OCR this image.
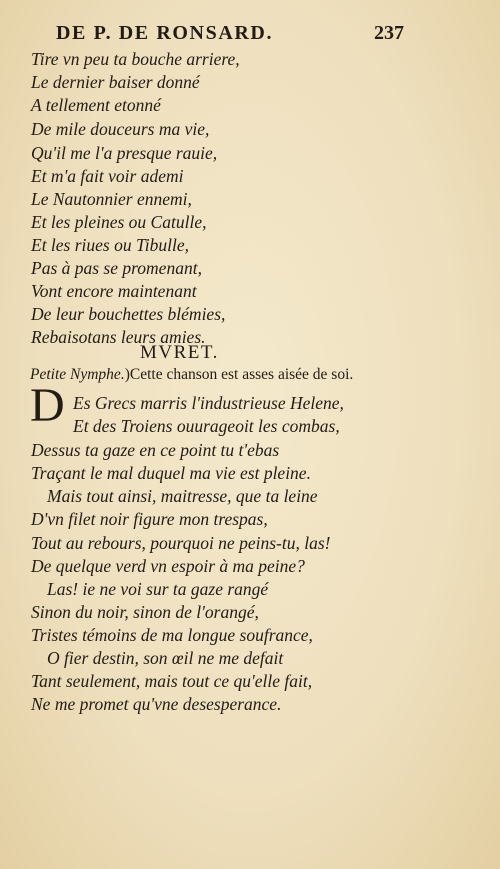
DE P. DE RONSARD.	237
Tire vn peu ta bouche arriere,
Le dernier baiser donné
A tellement etonné
De mile douceurs ma vie,
Qu'il me l'a presque rauie,
Et m'a fait voir ademi
Le Nautonnier ennemi,
Et les pleines ou Catulle,
Et les riues ou Tibulle,
Pas à pas se promenant,
Vont encore maintenant
De leur bouchettes blémies,
Rebaisotans leurs amies.
MVRET.
Petite Nymphe.)Cette chanson est asses aisée de soi.
D Es Grecs marris l'industrieuse Helene,
Et des Troiens ouurageoit les combas,
Dessus ta gaze en ce point tu t'ebas
Traçant le mal duquel ma vie est pleine.
Mais tout ainsi, maitresse, que ta leine
D'vn filet noir figure mon trespas,
Tout au rebours, pourquoi ne peins-tu, las!
De quelque verd vn espoir à ma peine?
Las! ie ne voi sur ta gaze rangé
Sinon du noir, sinon de l'orangé,
Tristes témoins de ma longue soufrance,
O fier destin, son œil ne me defait
Tant seulement, mais tout ce qu'elle fait,
Ne me promet qu'vne desesperance.
